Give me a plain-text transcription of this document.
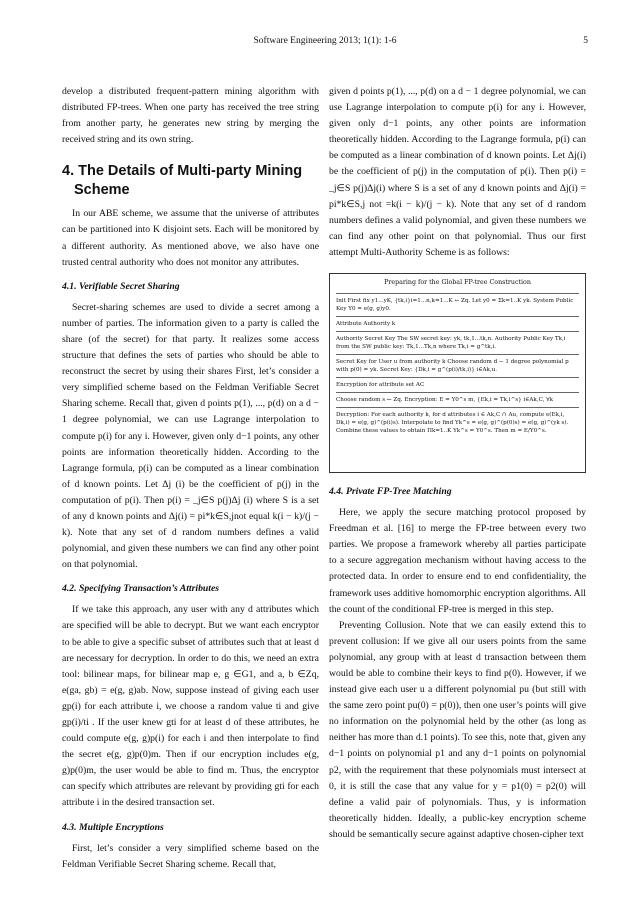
Software Engineering 2013; 1(1): 1-6	5

develop a distributed frequent-pattern mining algorithm with distributed FP-trees. When one party has received the tree string from another party, he generates new string by merging the received string and its own string.

4. The Details of Multi-party Mining
Scheme

In our ABE scheme, we assume that the universe of attributes can be partitioned into K disjoint sets. Each will be monitored by a different authority. As mentioned above, we also have one trusted central authority who does not monitor any attributes.

4.1. Verifiable Secret Sharing

Secret-sharing schemes are used to divide a secret among a number of parties. The information given to a party is called the share (of the secret) for that party. It realizes some access structure that defines the sets of parties who should be able to reconstruct the secret by using their shares First, let’s consider a very simplified scheme based on the Feldman Verifiable Secret Sharing scheme. Recall that, given d points p(1), ..., p(d) on a d − 1 degree polynomial, we can use Lagrange interpolation to compute p(i) for any i. However, given only d−1 points, any other points are information theoretically hidden. According to the Lagrange formula, p(i) can be computed as a linear combination of d known points. Let Δj (i) be the coefficient of p(j) in the computation of p(i). Then p(i) = _j∈S p(j)Δj (i) where S is a set of any d known points and Δj(i) = pi*k∈S,jnot equal k(i − k)/(j − k). Note that any set of d random numbers defines a valid polynomial, and given these numbers we can find any other point on that polynomial.

4.2. Specifying Transaction’s Attributes

If we take this approach, any user with any d attributes which are specified will be able to decrypt. But we want each encryptor to be able to give a specific subset of attributes such that at least d are necessary for decryption. In order to do this, we need an extra tool: bilinear maps, for bilinear map e, g ∈G1, and a, b ∈Zq, e(ga, gb) = e(g, g)ab. Now, suppose instead of giving each user gp(i) for each attribute i, we choose a random value ti and give gp(i)/ti . If the user knew gti for at least d of these attributes, he could compute e(g, g)p(i) for each i and then interpolate to find the secret e(g, g)p(0)m. Then if our encryption includes e(g, g)p(0)m, the user would be able to find m. Thus, the encryptor can specify which attributes are relevant by providing gti for each attribute i in the desired transaction set.

4.3. Multiple Encryptions

First, let’s consider a very simplified scheme based on the Feldman Verifiable Secret Sharing scheme. Recall that,

given d points p(1), ..., p(d) on a d − 1 degree polynomial, we can use Lagrange interpolation to compute p(i) for any i. However, given only d−1 points, any other points are information theoretically hidden. According to the Lagrange formula, p(i) can be computed as a linear combination of d known points. Let Δj(i) be the coefficient of p(j) in the computation of p(i). Then p(i) = _j∈S p(j)Δj(i) where S is a set of any d known points and Δj(i) = pi*k∈S,j not =k(i − k)/(j − k). Note that any set of d random numbers defines a valid polynomial, and given these numbers we can find any other point on that polynomial. Thus our first attempt Multi-Authority Scheme is as follows:

Preparing for the Global FP-tree Construction
Init First fix y1...yK, {tk,i}i=1...n,k=1...K ← Zq. Let y0 = Σk=1..K yk. System Public Key Y0 = e(g, g)y0.
Attribute Authority k
Authority Secret Key The SW secret key: yk, tk,1...tk,n. Authority Public Key Tk,i from the SW public key: Tk,1...Tk,n where Tk,i = g^tk,i.
Secret Key for User u from authority k Choose random d − 1 degree polynomial p with p(0) = yk. Secret Key: {Dk,i = g^(p(i)/tk,i)} i∈Ak,u.
Encryption for attribute set AC
Choose random s ← Zq. Encryption: E = Y0^s m, {Ek,i = Tk,i^s} i∈Ak,C, ∀k
Decryption: For each authority k, for d attributes i ∈ Ak,C ∩ Au, compute e(Ek,i, Dk,i) = e(g, g)^(p(i)s). Interpolate to find Yk^s = e(g, g)^(p(0)s) = e(g, g)^(yk s). Combine these values to obtain Πk=1..K Yk^s = Y0^s. Then m = E/Y0^s.
4.4. Private FP-Tree Matching

Here, we apply the secure matching protocol proposed by Freedman et al. [16] to merge the FP-tree between every two parties. We propose a framework whereby all parties participate to a secure aggregation mechanism without having access to the protected data. In order to ensure end to end confidentiality, the framework uses additive homomorphic encryption algorithms. All the count of the conditional FP-tree is merged in this step.

Preventing Collusion. Note that we can easily extend this to prevent collusion: If we give all our users points from the same polynomial, any group with at least d transaction between them would be able to combine their keys to find p(0). However, if we instead give each user u a different polynomial pu (but still with the same zero point pu(0) = p(0)), then one user’s points will give no information on the polynomial held by the other (as long as neither has more than d.1 points). To see this, note that, given any d−1 points on polynomial p1 and any d−1 points on polynomial p2, with the requirement that these polynomials must intersect at 0, it is still the case that any value for y = p1(0) = p2(0) will define a valid pair of polynomials. Thus, y is information theoretically hidden. Ideally, a public-key encryption scheme should be semantically secure against adaptive chosen-cipher text
